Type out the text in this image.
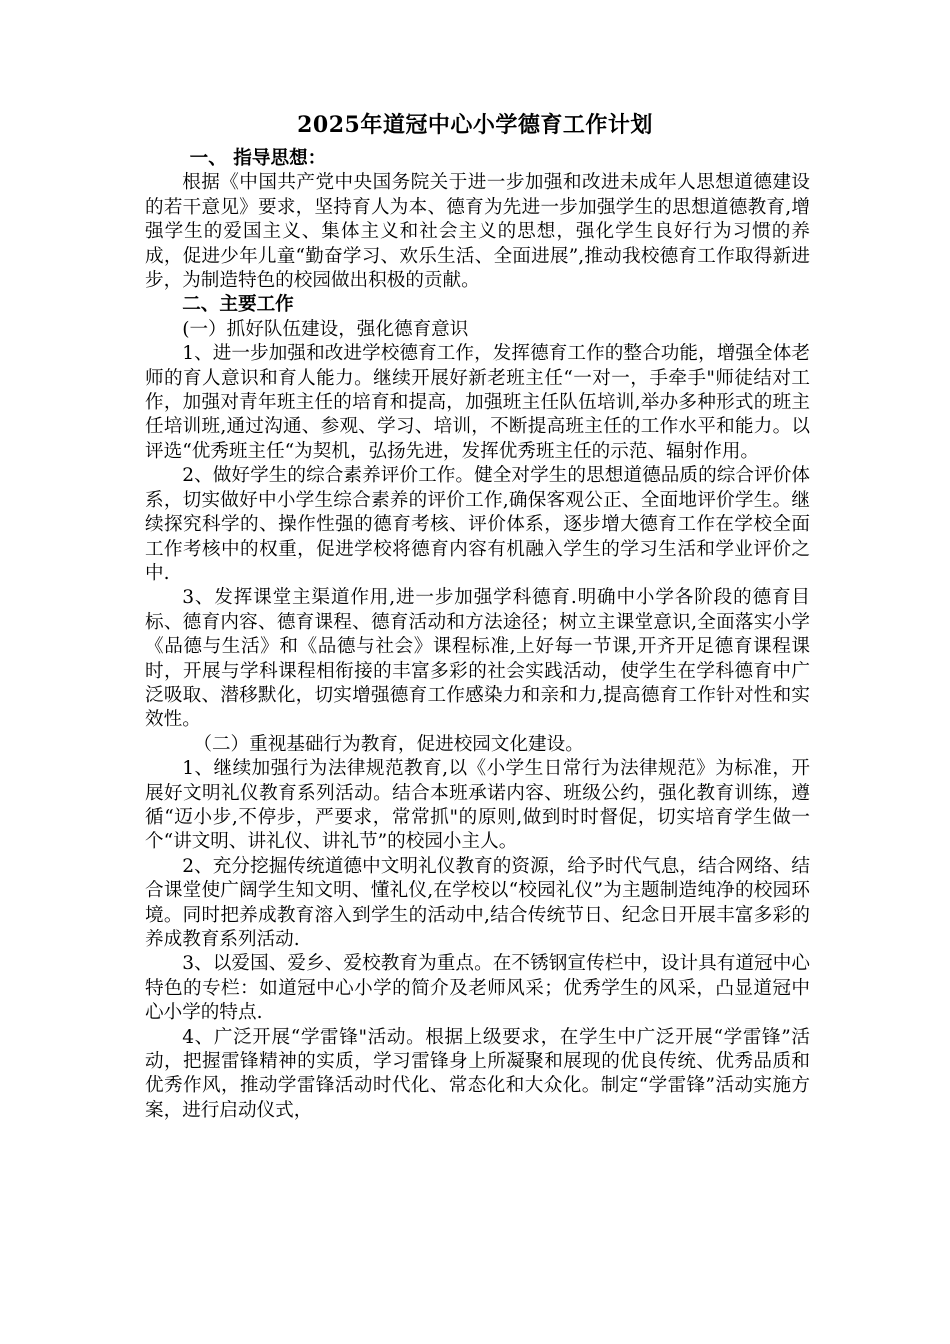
2025年道冠中心小学德育工作计划

一、 指导思想：

根据《中国共产党中央国务院关于进一步加强和改进未成年人思想道德建设的若干意见》要求，坚持育人为本、德育为先进一步加强学生的思想道德教育,增强学生的爱国主义、集体主义和社会主义的思想，强化学生良好行为习惯的养成，促进少年儿童“勤奋学习、欢乐生活、全面进展”,推动我校德育工作取得新进步，为制造特色的校园做出积极的贡献。

二、主要工作

(一）抓好队伍建设，强化德育意识

1、进一步加强和改进学校德育工作，发挥德育工作的整合功能，增强全体老师的育人意识和育人能力。继续开展好新老班主任“一对一，手牵手"师徒结对工作，加强对青年班主任的培育和提高，加强班主任队伍培训,举办多种形式的班主任培训班,通过沟通、参观、学习、培训，不断提高班主任的工作水平和能力。以评选“优秀班主任“为契机，弘扬先进，发挥优秀班主任的示范、辐射作用。

2、做好学生的综合素养评价工作。健全对学生的思想道德品质的综合评价体系，切实做好中小学生综合素养的评价工作,确保客观公正、全面地评价学生。继续探究科学的、操作性强的德育考核、评价体系，逐步增大德育工作在学校全面工作考核中的权重，促进学校将德育内容有机融入学生的学习生活和学业评价之中.

3、发挥课堂主渠道作用,进一步加强学科德育.明确中小学各阶段的德育目标、德育内容、德育课程、德育活动和方法途径；树立主课堂意识,全面落实小学《品德与生活》和《品德与社会》课程标准,上好每一节课,开齐开足德育课程课时，开展与学科课程相衔接的丰富多彩的社会实践活动，使学生在学科德育中广泛吸取、潜移默化，切实增强德育工作感染力和亲和力,提高德育工作针对性和实效性。

（二）重视基础行为教育，促进校园文化建设。

1、继续加强行为法律规范教育,以《小学生日常行为法律规范》为标准，开展好文明礼仪教育系列活动。结合本班承诺内容、班级公约，强化教育训练，遵循“迈小步,不停步，严要求，常常抓"的原则,做到时时督促，切实培育学生做一个“讲文明、讲礼仪、讲礼节”的校园小主人。

2、充分挖掘传统道德中文明礼仪教育的资源，给予时代气息，结合网络、结合课堂使广阔学生知文明、懂礼仪,在学校以“校园礼仪”为主题制造纯净的校园环境。同时把养成教育溶入到学生的活动中,结合传统节日、纪念日开展丰富多彩的养成教育系列活动.

3、以爱国、爱乡、爱校教育为重点。在不锈钢宣传栏中，设计具有道冠中心特色的专栏：如道冠中心小学的简介及老师风采；优秀学生的风采，凸显道冠中心小学的特点.

4、广泛开展“学雷锋"活动。根据上级要求，在学生中广泛开展“学雷锋”活动，把握雷锋精神的实质，学习雷锋身上所凝聚和展现的优良传统、优秀品质和优秀作风，推动学雷锋活动时代化、常态化和大众化。制定“学雷锋”活动实施方案，进行启动仪式，
